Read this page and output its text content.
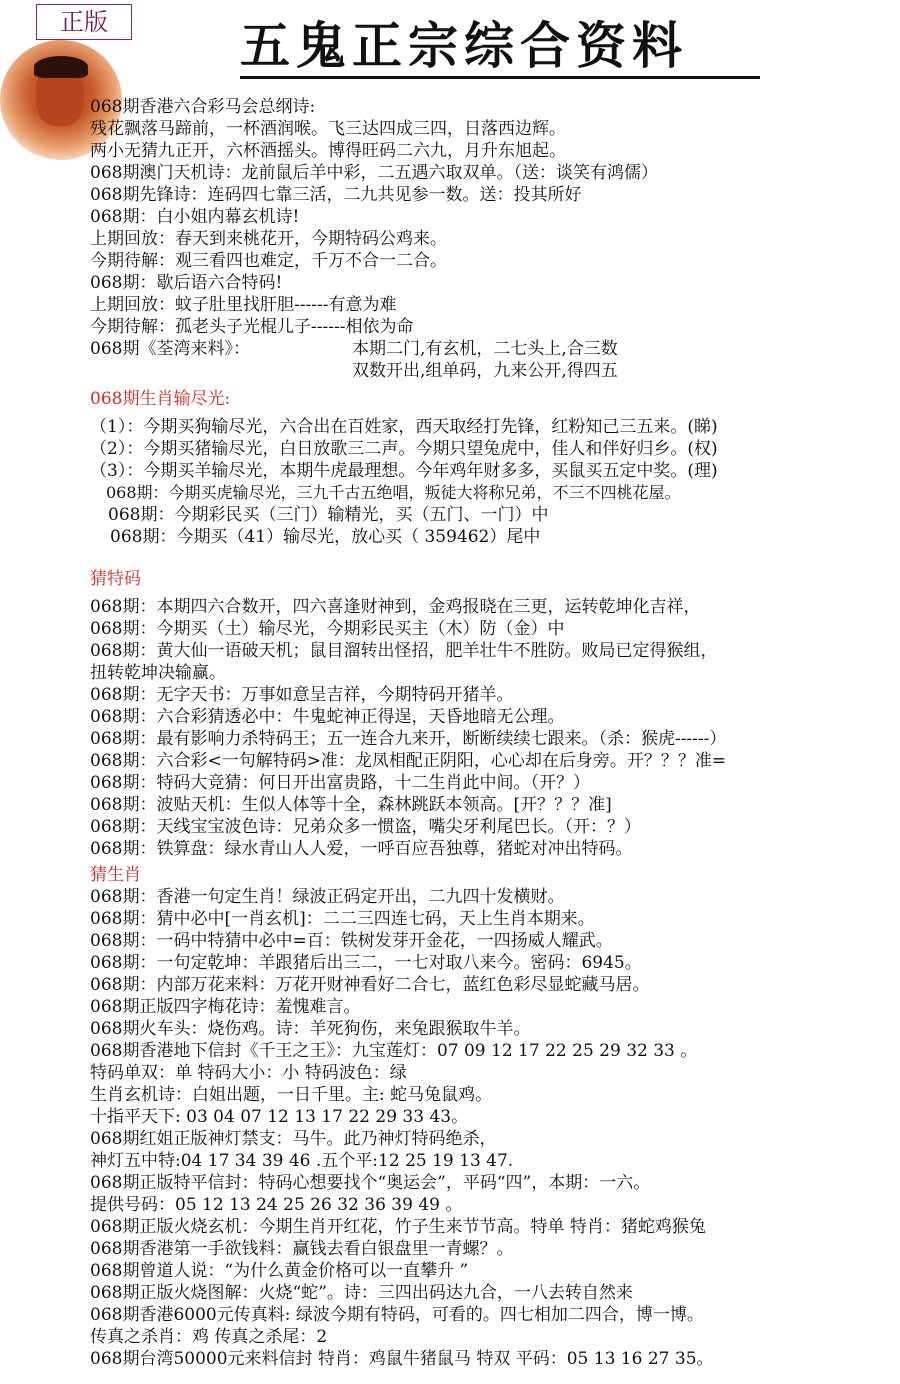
正版	五鬼正宗综合资料
068期香港六合彩马会总纲诗:
残花飘落马蹄前，一杯酒润喉。飞三达四成三四，日落西边辉。
两小无猜九正开，六杯酒摇头。博得旺码二六九，月升东旭起。
068期澳门天机诗：龙前鼠后羊中彩，二五遇六取双单。（送：谈笑有鸿儒）
068期先锋诗：连码四七靠三活，二九共见参一数。送：投其所好
068期：白小姐内幕玄机诗!
上期回放：春天到来桃花开，今期特码公鸡来。
今期待解：观三看四也难定，千万不合一二合。
068期：歇后语六合特码!
上期回放：蚊子肚里找肝胆------有意为难
今期待解：孤老头子光棍儿子------相依为命
068期《荃湾来料》：	本期二门,有玄机，二七头上,合三数
双数开出,组单码，九来公开,得四五
068期生肖输尽光:
（1）：今期买狗输尽光，六合出在百姓家，西天取经打先锋，红粉知己三五来。(睇)
（2）：今期买猪输尽光，白日放歌三二声。今期只望兔虎中，佳人和伴好归乡。(权)
（3）：今期买羊输尽光，本期牛虎最理想。今年鸡年财多多，买鼠买五定中奖。(理)
068期：今期买虎输尽光，三九千古五绝唱，叛徒大将称兄弟，不三不四桃花屋。
068期：今期彩民买（三门）输精光，买（五门、一门）中
068期：今期买（41）输尽光，放心买（ 359462）尾中
猜特码
068期：本期四六合数开，四六喜逢财神到，金鸡报晓在三更，运转乾坤化吉祥，
068期：今期买（土）输尽光，今期彩民买主（木）防（金）中
068期：黄大仙一语破天机；鼠目溜转出怪招，肥羊壮牛不胜防。败局已定得猴组，
扭转乾坤决输赢。
068期：无字天书：万事如意呈吉祥，今期特码开猪羊。
068期：六合彩猜透必中：牛鬼蛇神正得逞，天昏地暗无公理。
068期：最有影响力杀特码王；五一连合九来开，断断续续七跟来。（杀：猴虎------）
068期：六合彩<一句解特码>准：龙凤相配正阴阳，心心却在后身旁。开？？？准=
068期：特码大竞猜：何日开出富贵路，十二生肖此中间。（开？）
068期：波贴天机：生似人体等十全，森林跳跃本领高。[开？？？准]
068期：天线宝宝波色诗：兄弟众多一惯盗，嘴尖牙利尾巴长。（开：？）
068期：铁算盘：绿水青山人人爱，一呼百应吾独尊，猪蛇对冲出特码。
猜生肖
068期：香港一句定生肖！绿波正码定开出，二九四十发横财。
068期：猜中必中[一肖玄机]：二二三四连七码，天上生肖本期来。
068期：一码中特猜中必中=百：铁树发芽开金花，一四扬威人耀武。
068期：一句定乾坤：羊跟猪后出三二，一七对取八来今。密码：6945。
068期：内部万花来料：万花开财神看好二合七，蓝红色彩尽显蛇藏马居。
068期正版四字梅花诗：羞愧难言。
068期火车头：烧伤鸡。诗：羊死狗伤，来兔跟猴取牛羊。
068期香港地下信封《千王之王》：九宝莲灯：07 09 12 17 22 25 29 32 33 。
特码单双：单 特码大小：小 特码波色：绿
生肖玄机诗：白姐出题，一日千里。主: 蛇马兔鼠鸡。
十指平天下: 03 04 07 12 13 17 22 29 33 43。
068期红姐正版神灯禁支：马牛。此乃神灯特码绝杀，
神灯五中特:04 17 34 39 46 .五个平:12 25 19 13 47.
068期正版特平信封：特码心想要找个“奥运会”，平码“四”，本期：一六。
提供号码：05 12 13 24 25 26 32 36 39 49 。
068期正版火烧玄机：今期生肖开红花，竹子生来节节高。特单 特肖：猪蛇鸡猴兔
068期香港第一手欲钱料：赢钱去看白银盘里一青螺？。
068期曾道人说：“为什么黄金价格可以一直攀升 ”
068期正版火烧图解：火烧“蛇”。诗：三四出码达九合，一八去转自然来
068期香港6000元传真料: 绿波今期有特码，可看的。四七相加二四合，博一博。
传真之杀肖：鸡 传真之杀尾：2
068期台湾50000元来料信封 特肖：鸡鼠牛猪鼠马 特双 平码：05 13 16 27 35。
